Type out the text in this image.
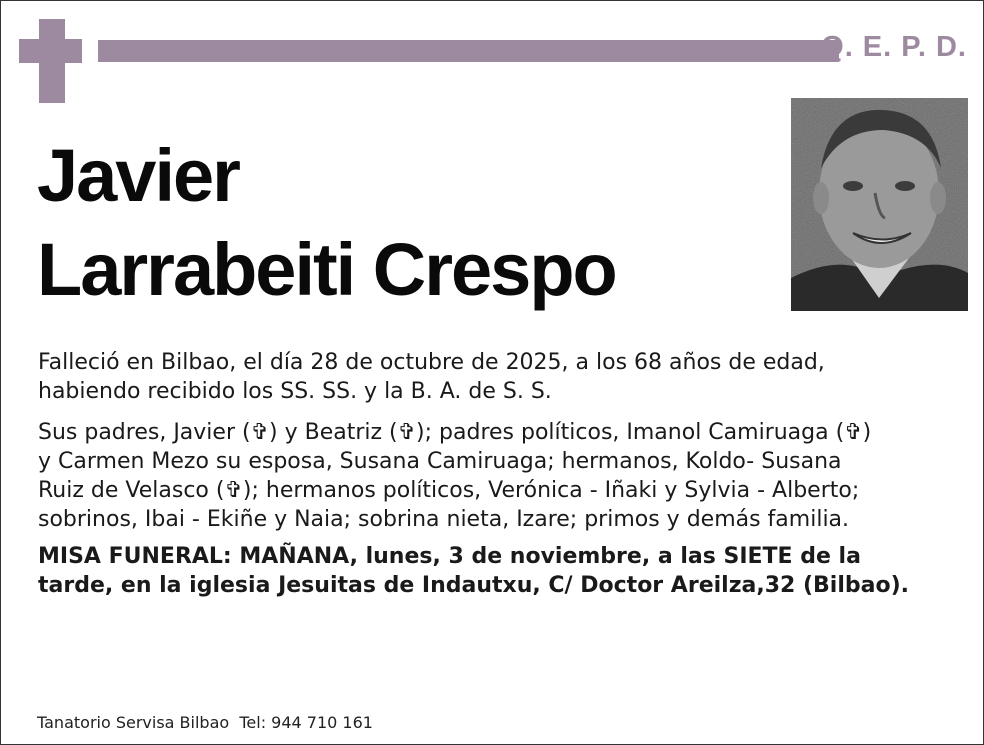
Q. E. P. D.
Javier
Larrabeiti Crespo

Falleció en Bilbao, el día 28 de octubre de 2025, a los 68 años de edad,
habiendo recibido los SS. SS. y la B. A. de S. S.

Sus padres, Javier (✞) y Beatriz (✞); padres políticos, Imanol Camiruaga (✞)
y Carmen Mezo su esposa, Susana Camiruaga; hermanos, Koldo- Susana
Ruiz de Velasco (✞); hermanos políticos, Verónica - Iñaki y Sylvia - Alberto;
sobrinos, Ibai - Ekiñe y Naia; sobrina nieta, Izare; primos y demás familia.

MISA FUNERAL: MAÑANA, lunes, 3 de noviembre, a las SIETE de la
tarde, en la iglesia Jesuitas de Indautxu, C/ Doctor Areilza,32 (Bilbao).

Tanatorio Servisa Bilbao  Tel: 944 710 161
